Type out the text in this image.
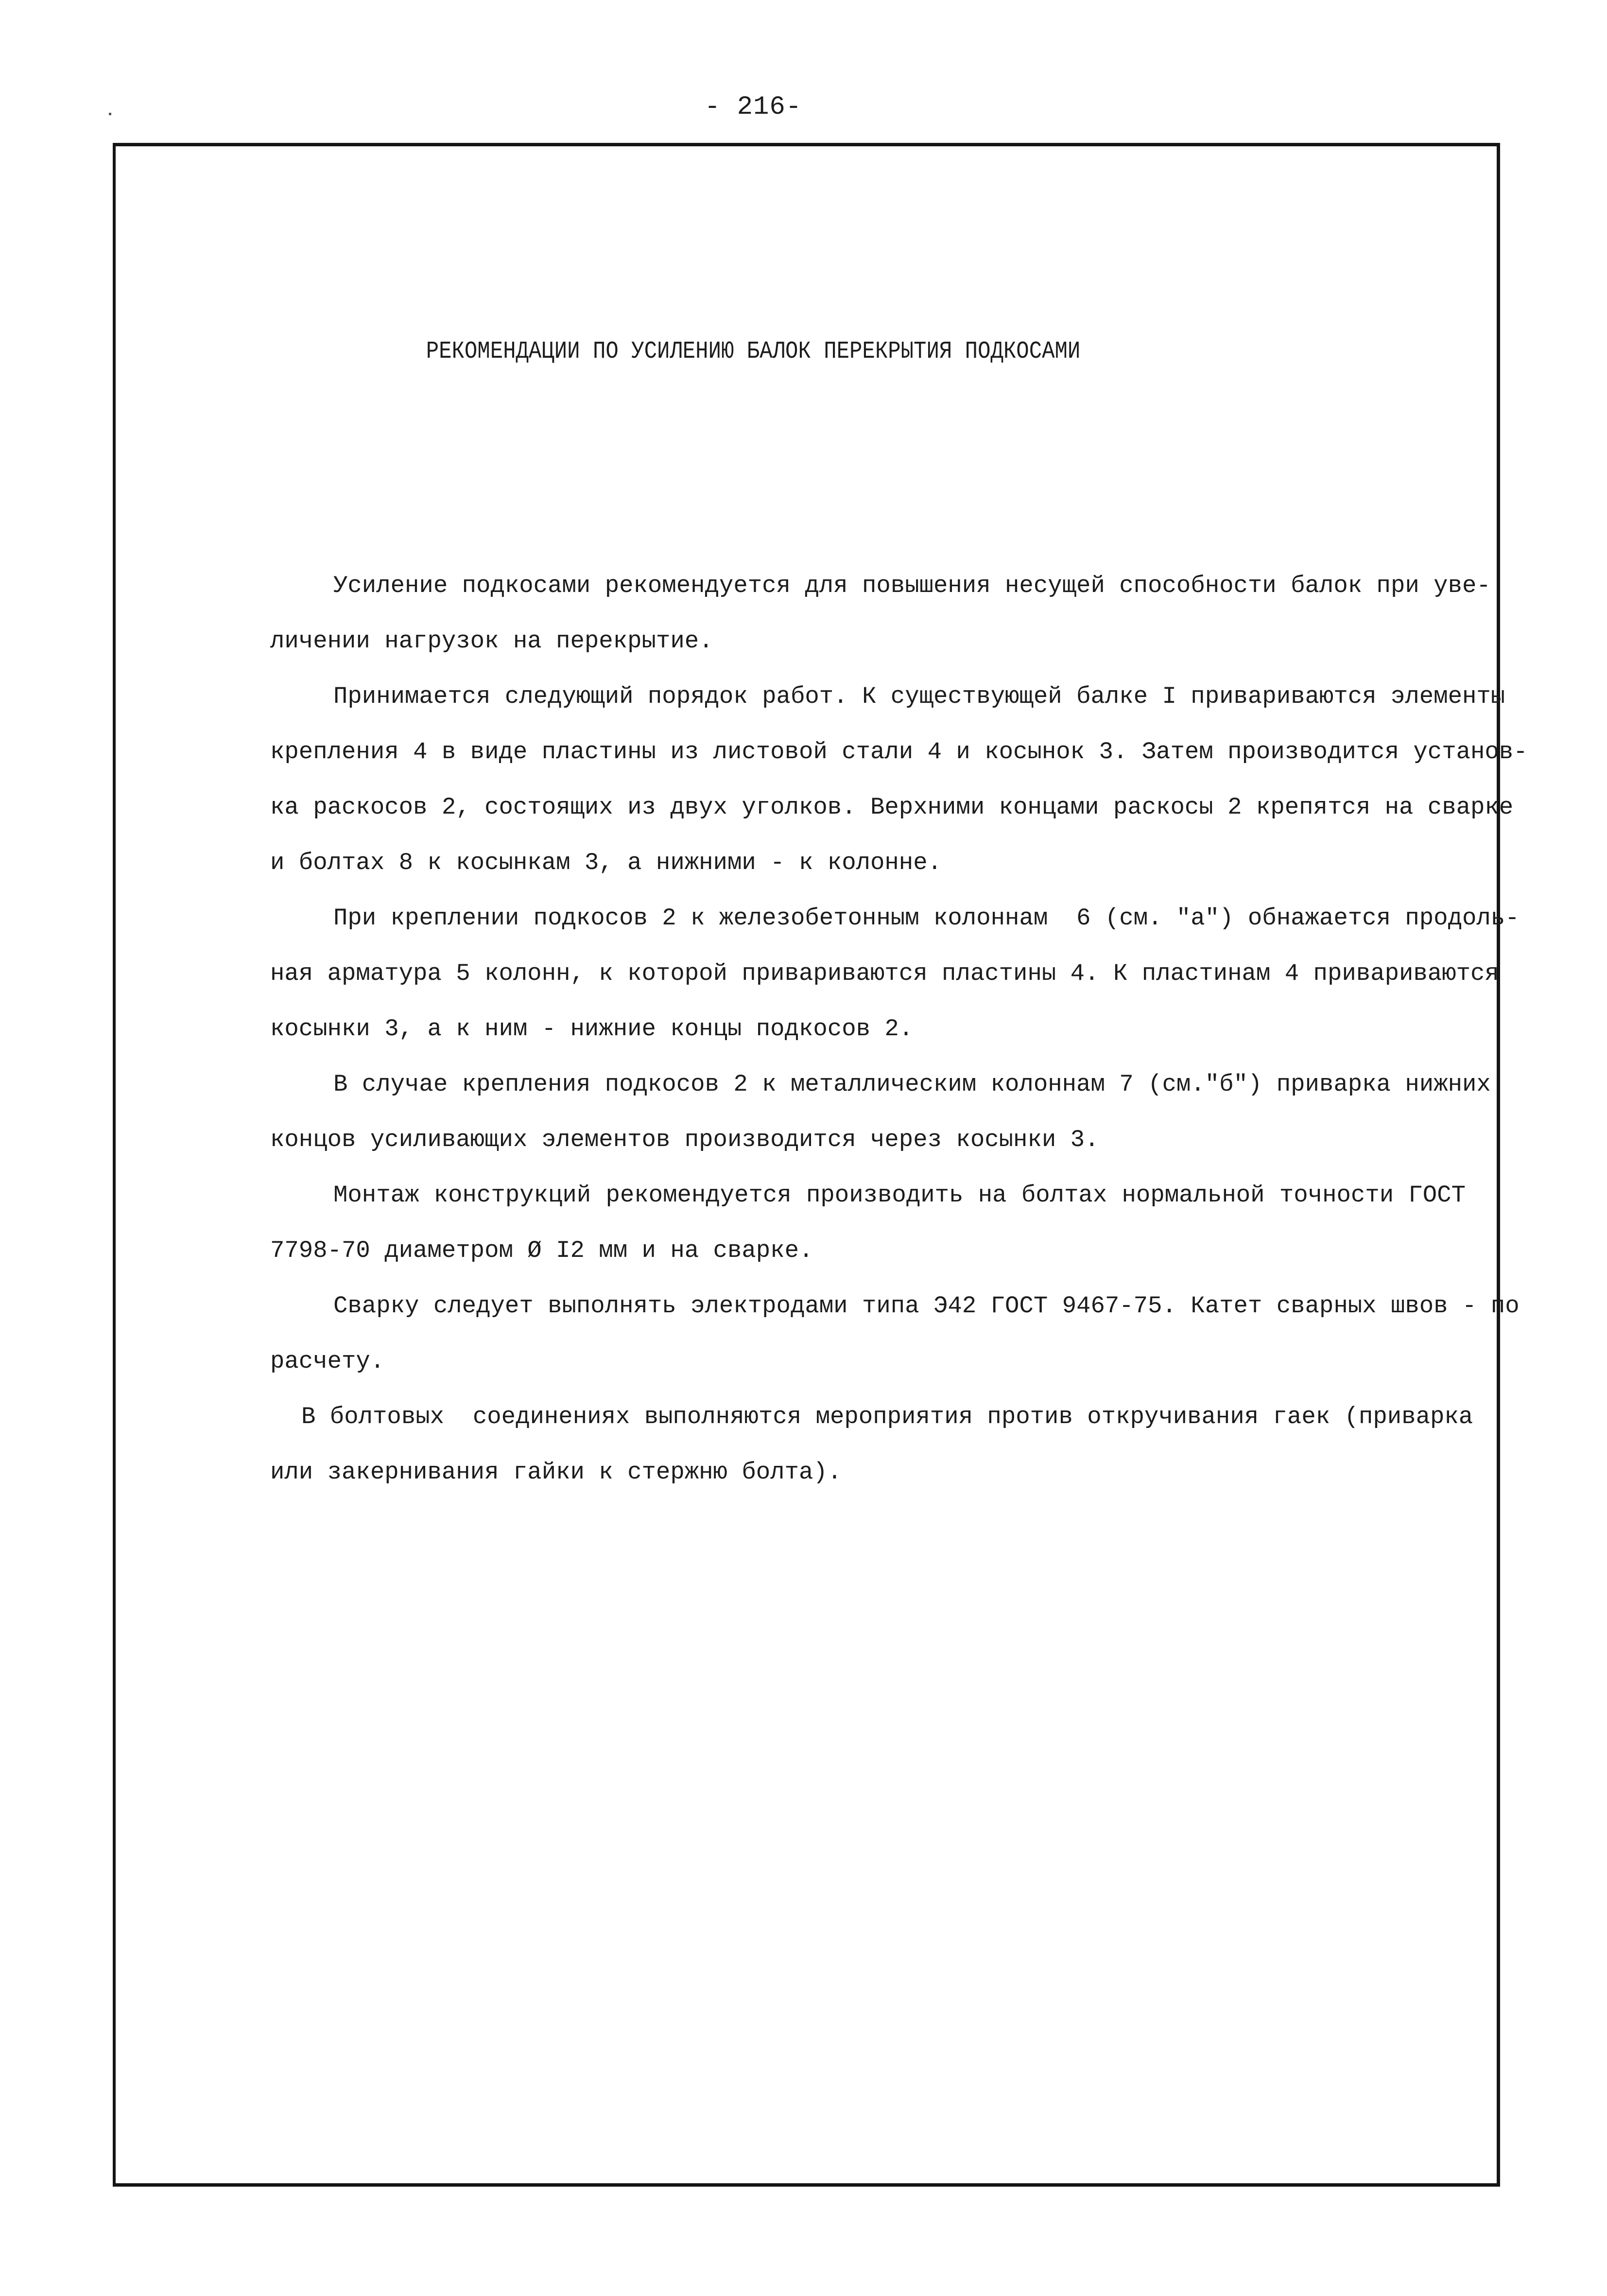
- 216-
РЕКОМЕНДАЦИИ ПО УСИЛЕНИЮ БАЛОК ПЕРЕКРЫТИЯ ПОДКОСАМИ
Усиление подкосами рекомендуется для повышения несущей способности балок при уве-
личении нагрузок на перекрытие.
Принимается следующий порядок работ. К существующей балке I привариваются элементы
крепления 4 в виде пластины из листовой стали 4 и косынок 3. Затем производится установ-
ка раскосов 2, состоящих из двух уголков. Верхними концами раскосы 2 крепятся на сварке
и болтах 8 к косынкам 3, а нижними - к колонне.
При креплении подкосов 2 к железобетонным колоннам  6 (см. "а") обнажается продоль-
ная арматура 5 колонн, к которой привариваются пластины 4. К пластинам 4 привариваются
косынки 3, а к ним - нижние концы подкосов 2.
В случае крепления подкосов 2 к металлическим колоннам 7 (см."б") приварка нижних
концов усиливающих элементов производится через косынки 3.
Монтаж конструкций рекомендуется производить на болтах нормальной точности ГОСТ
7798-70 диаметром Ø I2 мм и на сварке.
Сварку следует выполнять электродами типа Э42 ГОСТ 9467-75. Катет сварных швов - по
расчету.
В болтовых  соединениях выполняются мероприятия против откручивания гаек (приварка
или закернивания гайки к стержню болта).
